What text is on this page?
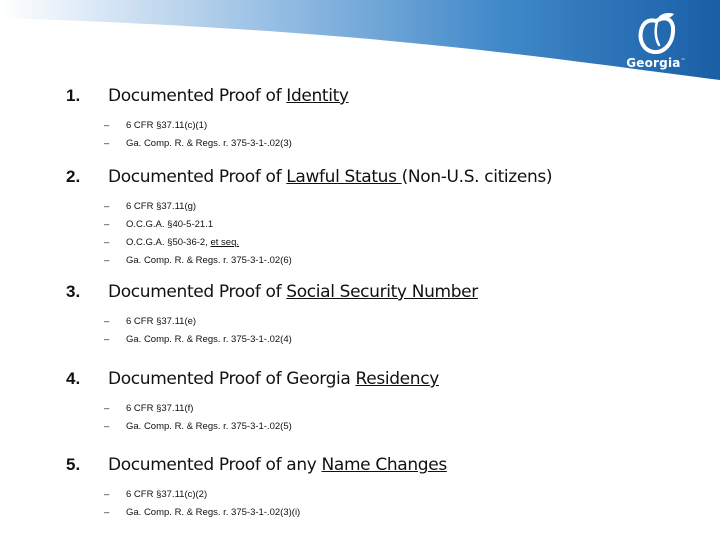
Georgia™
1. Documented Proof of Identity
– 6 CFR §37.11(c)(1)
– Ga. Comp. R. & Regs. r. 375-3-1-.02(3)
2. Documented Proof of Lawful Status (Non-U.S. citizens)
– 6 CFR §37.11(g)
– O.C.G.A. §40-5-21.1
– O.C.G.A. §50-36-2, et seq.
– Ga. Comp. R. & Regs. r. 375-3-1-.02(6)
3. Documented Proof of Social Security Number
– 6 CFR §37.11(e)
– Ga. Comp. R. & Regs. r. 375-3-1-.02(4)
4. Documented Proof of Georgia Residency
– 6 CFR §37.11(f)
– Ga. Comp. R. & Regs. r. 375-3-1-.02(5)
5. Documented Proof of any Name Changes
– 6 CFR §37.11(c)(2)
– Ga. Comp. R. & Regs. r. 375-3-1-.02(3)(i)
